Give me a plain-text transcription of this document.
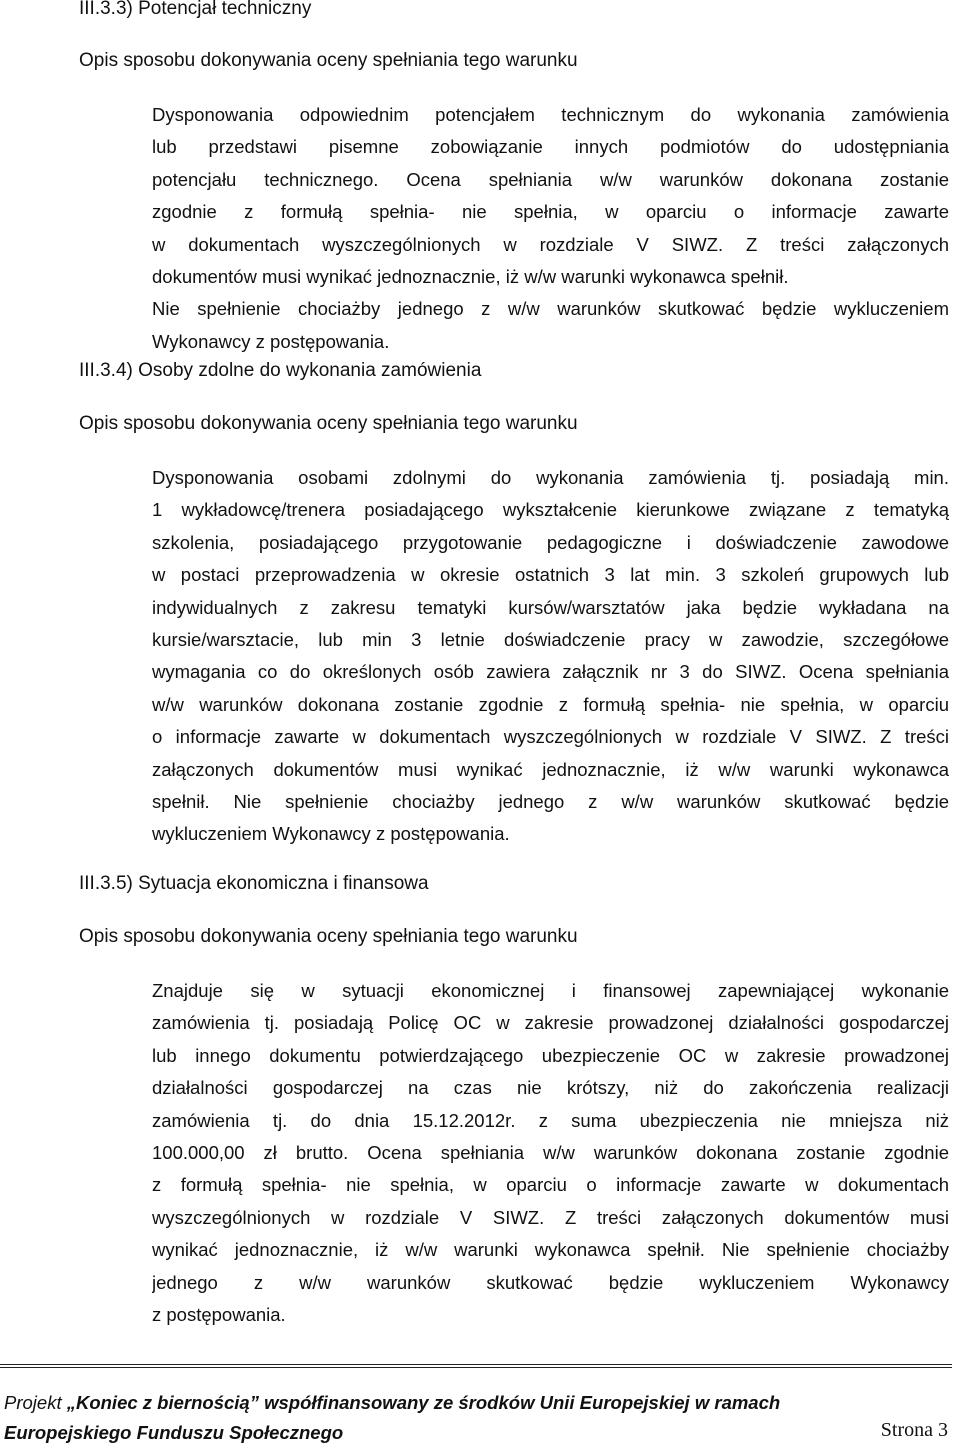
III.3.3) Potencjał techniczny

Opis sposobu dokonywania oceny spełniania tego warunku

Dysponowania odpowiednim potencjałem technicznym do wykonania zamówienia
lub przedstawi pisemne zobowiązanie innych podmiotów do udostępniania
potencjału technicznego. Ocena spełniania w/w warunków dokonana zostanie
zgodnie z formułą spełnia- nie spełnia, w oparciu o informacje zawarte
w dokumentach wyszczególnionych w rozdziale V SIWZ. Z treści załączonych
dokumentów musi wynikać jednoznacznie, iż w/w warunki wykonawca spełnił.
Nie spełnienie chociażby jednego z w/w warunków skutkować będzie wykluczeniem
Wykonawcy z postępowania.
III.3.4) Osoby zdolne do wykonania zamówienia

Opis sposobu dokonywania oceny spełniania tego warunku

Dysponowania osobami zdolnymi do wykonania zamówienia tj. posiadają min.
1 wykładowcę/trenera posiadającego wykształcenie kierunkowe związane z tematyką
szkolenia, posiadającego przygotowanie pedagogiczne i doświadczenie zawodowe
w postaci przeprowadzenia w okresie ostatnich 3 lat min. 3 szkoleń grupowych lub
indywidualnych z zakresu tematyki kursów/warsztatów jaka będzie wykładana na
kursie/warsztacie, lub min 3 letnie doświadczenie pracy w zawodzie, szczegółowe
wymagania co do określonych osób zawiera załącznik nr 3 do SIWZ. Ocena spełniania
w/w warunków dokonana zostanie zgodnie z formułą spełnia- nie spełnia, w oparciu
o informacje zawarte w dokumentach wyszczególnionych w rozdziale V SIWZ. Z treści
załączonych dokumentów musi wynikać jednoznacznie, iż w/w warunki wykonawca
spełnił. Nie spełnienie chociażby jednego z w/w warunków skutkować będzie
wykluczeniem Wykonawcy z postępowania.
III.3.5) Sytuacja ekonomiczna i finansowa

Opis sposobu dokonywania oceny spełniania tego warunku

Znajduje się w sytuacji ekonomicznej i finansowej zapewniającej wykonanie
zamówienia tj. posiadają Policę OC w zakresie prowadzonej działalności gospodarczej
lub innego dokumentu potwierdzającego ubezpieczenie OC w zakresie prowadzonej
działalności gospodarczej na czas nie krótszy, niż do zakończenia realizacji
zamówienia tj. do dnia 15.12.2012r. z suma ubezpieczenia nie mniejsza niż
100.000,00 zł brutto. Ocena spełniania w/w warunków dokonana zostanie zgodnie
z formułą spełnia- nie spełnia, w oparciu o informacje zawarte w dokumentach
wyszczególnionych w rozdziale V SIWZ. Z treści załączonych dokumentów musi
wynikać jednoznacznie, iż w/w warunki wykonawca spełnił. Nie spełnienie chociażby
jednego z w/w warunków skutkować będzie wykluczeniem Wykonawcy
z postępowania.
Projekt „Koniec z biernością” współfinansowany ze środków Unii Europejskiej w ramach
Europejskiego Funduszu Społecznego	Strona 3
